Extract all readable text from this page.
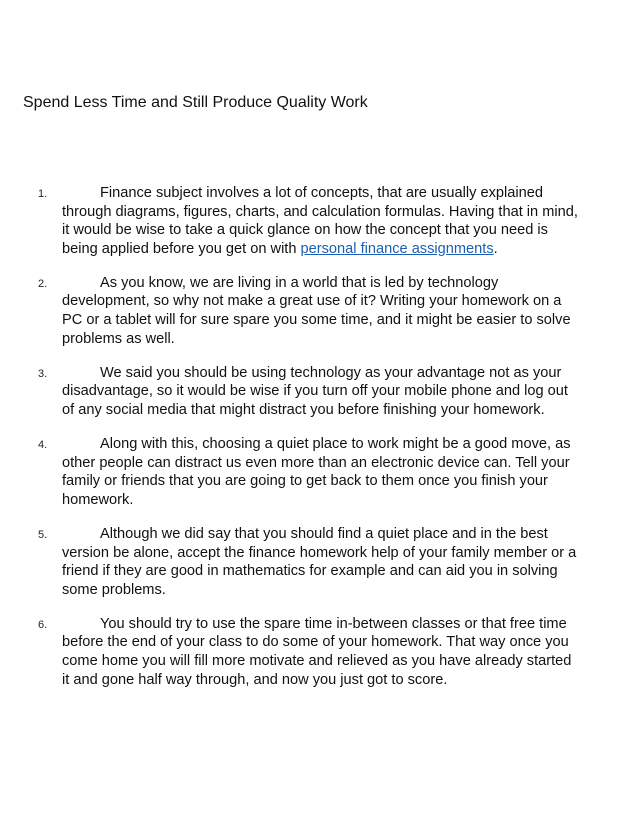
Spend Less Time and Still Produce Quality Work
1.	Finance subject involves a lot of concepts, that are usually explained through diagrams, figures, charts, and calculation formulas. Having that in mind, it would be wise to take a quick glance on how the concept that you need is being applied before you get on with personal finance assignments.
2.	As you know, we are living in a world that is led by technology development, so why not make a great use of it? Writing your homework on a PC or a tablet will for sure spare you some time, and it might be easier to solve problems as well.
3.	We said you should be using technology as your advantage not as your disadvantage, so it would be wise if you turn off your mobile phone and log out of any social media that might distract you before finishing your homework.
4.	Along with this, choosing a quiet place to work might be a good move, as other people can distract us even more than an electronic device can. Tell your family or friends that you are going to get back to them once you finish your homework.
5.	Although we did say that you should find a quiet place and in the best version be alone, accept the finance homework help of your family member or a friend if they are good in mathematics for example and can aid you in solving some problems.
6.	You should try to use the spare time in-between classes or that free time before the end of your class to do some of your homework. That way once you come home you will fill more motivate and relieved as you have already started it and gone half way through, and now you just got to score.
